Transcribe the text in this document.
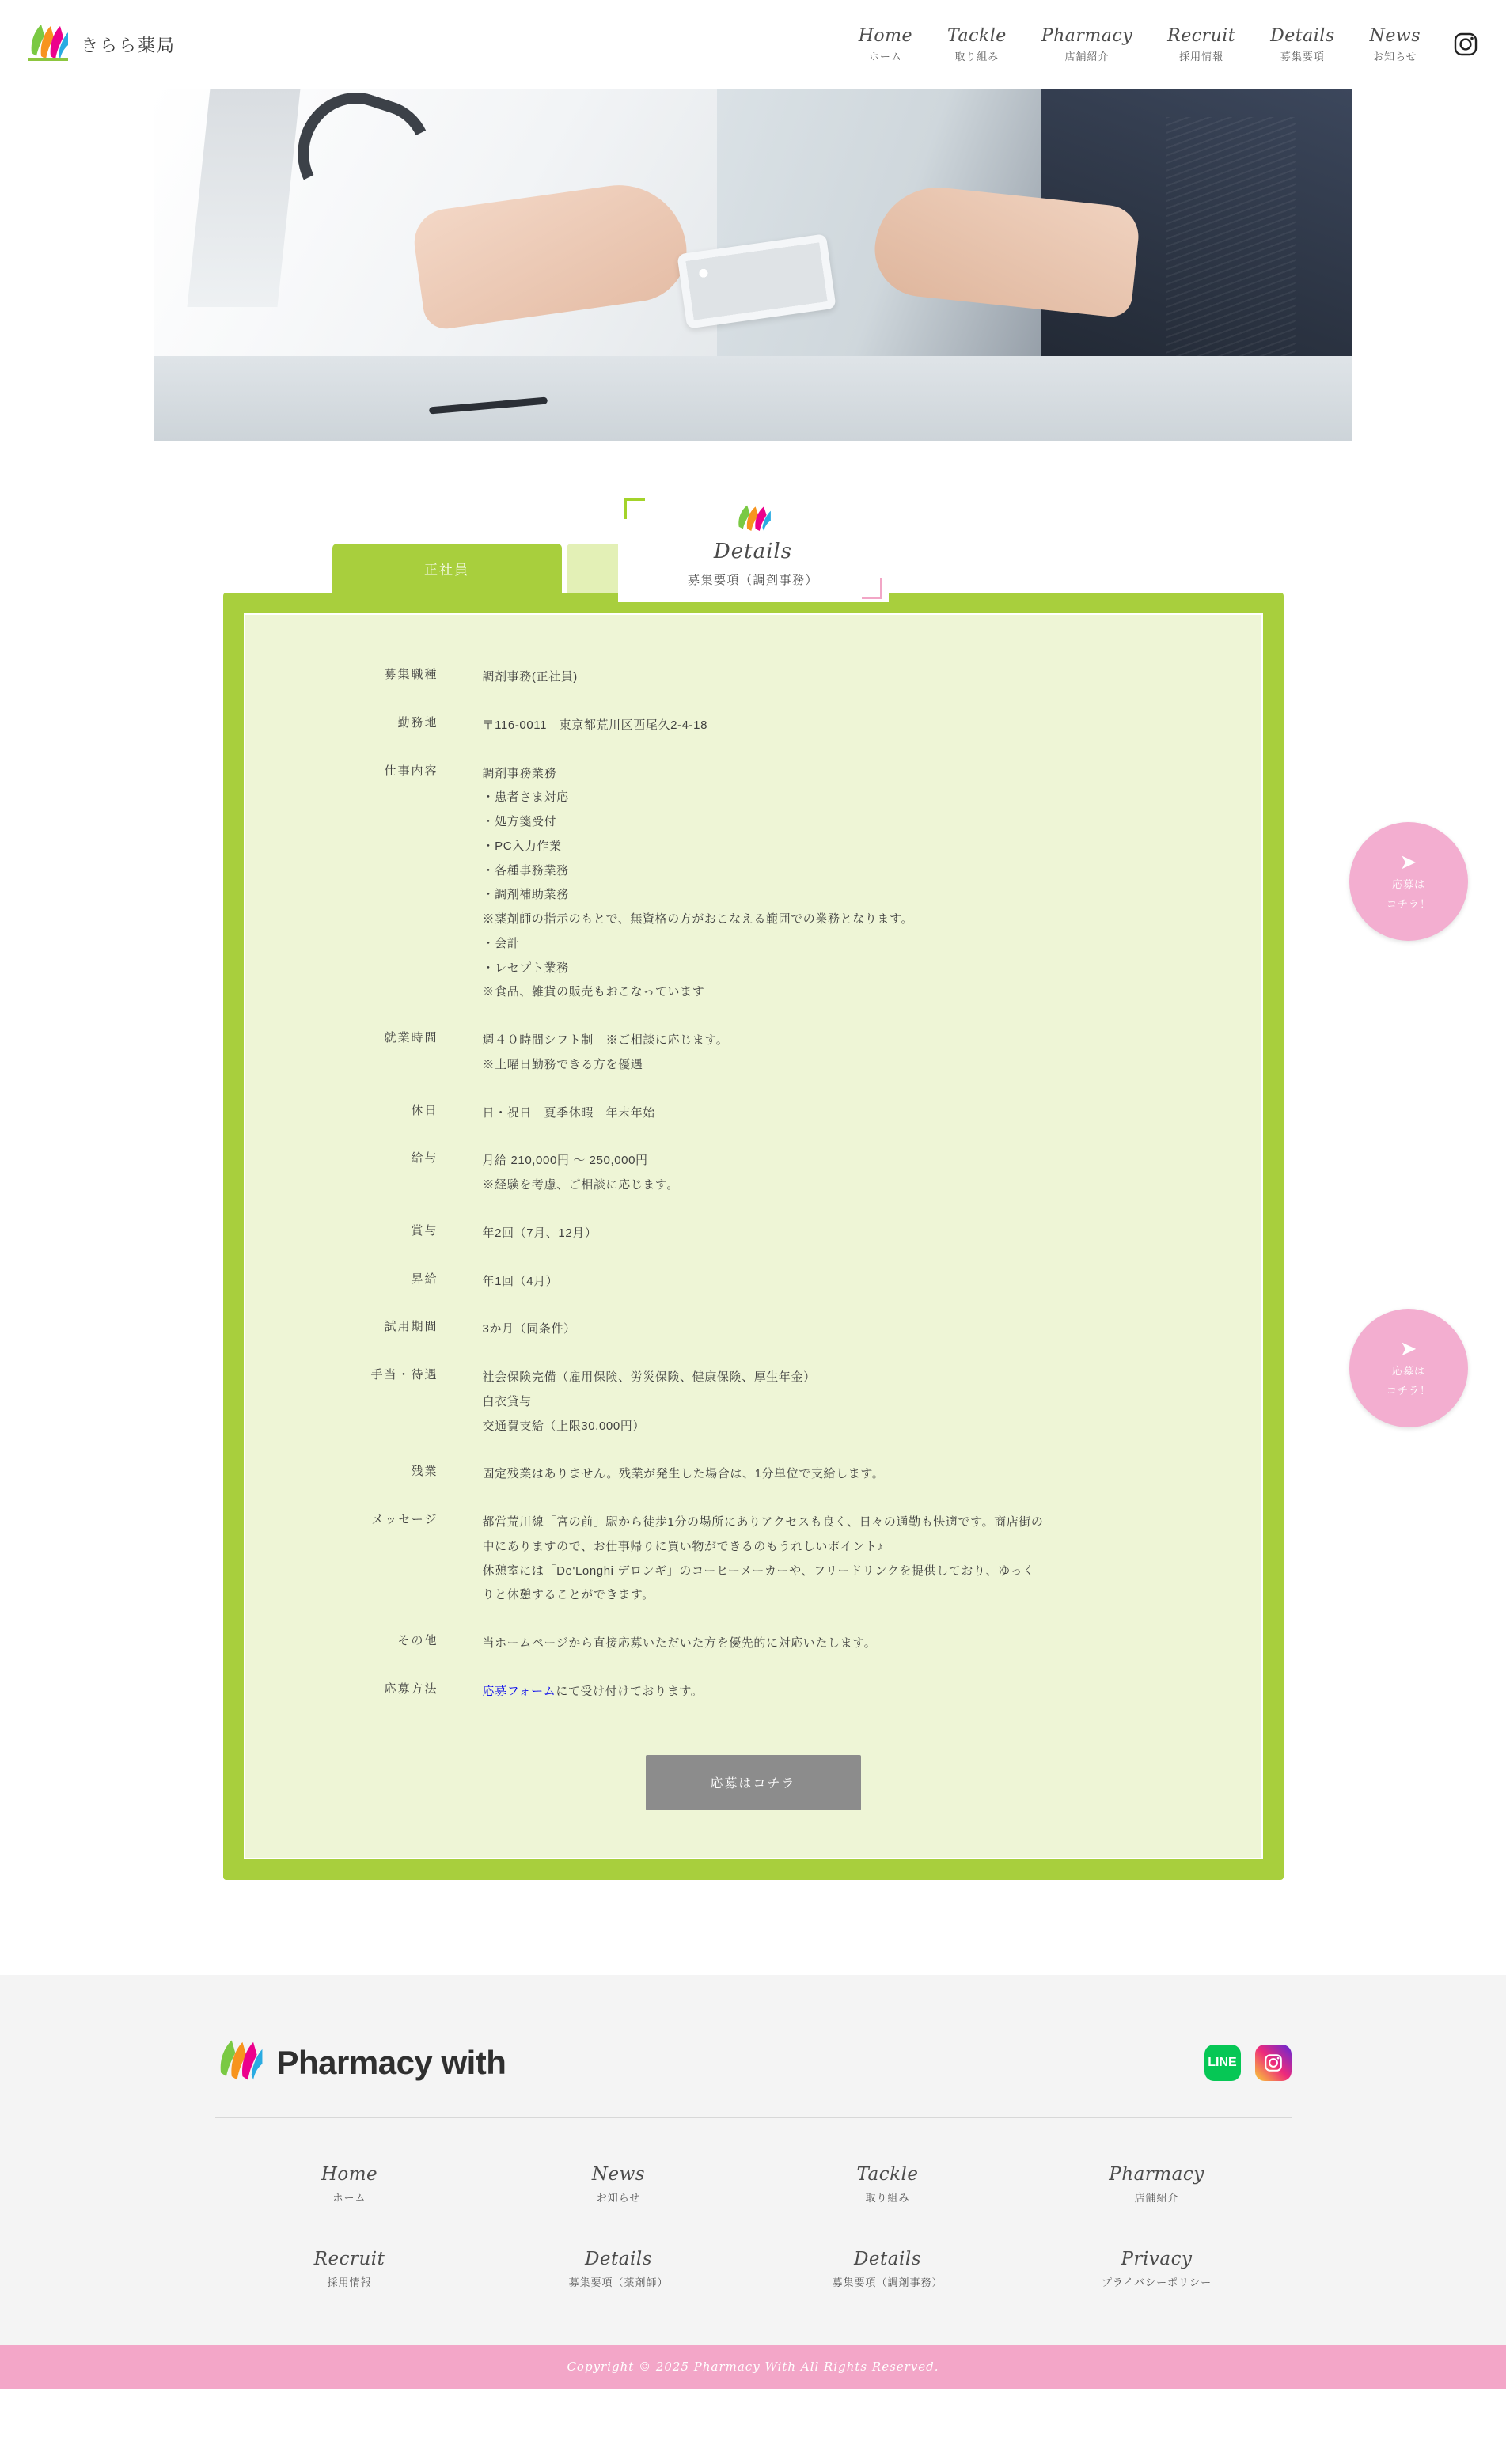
きらら薬局	Home
ホーム
Tackle
取り組み
Pharmacy
店舗紹介
Recruit
採用情報
Details
募集要項
News
お知らせ
Details
募集要項（調剤事務）
正社員
募集職種	調剤事務(正社員)

勤務地	〒116-0011　東京都荒川区西尾久2-4-18

仕事内容	調剤事務業務
・患者さま対応
・処方箋受付
・PC入力作業
・各種事務業務
・調剤補助業務
※薬剤師の指示のもとで、無資格の方がおこなえる範囲での業務となります。
・会計
・レセプト業務
※食品、雑貨の販売もおこなっています

就業時間	週４０時間シフト制　※ご相談に応じます。
※土曜日勤務できる方を優遇

休日	日・祝日　夏季休暇　年末年始

給与	月給 210,000円 〜 250,000円
※経験を考慮、ご相談に応じます。

賞与	年2回（7月、12月）

昇給	年1回（4月）

試用期間	3か月（同条件）

手当・待遇	社会保険完備（雇用保険、労災保険、健康保険、厚生年金）
白衣貸与
交通費支給（上限30,000円）

残業	固定残業はありません。残業が発生した場合は、1分単位で支給します。

メッセージ	都営荒川線「宮の前」駅から徒歩1分の場所にありアクセスも良く、日々の通勤も快適です。商店街の
中にありますので、お仕事帰りに買い物ができるのもうれしいポイント♪
休憩室には「De'Longhi デロンギ」のコーヒーメーカーや、フリードリンクを提供しており、ゆっく
りと休憩することができます。

その他	当ホームページから直接応募いただいた方を優先的に対応いたします。

応募方法	応募フォームにて受け付けております。
応募はコチラ
➤
応募は
コチラ！
➤
応募は
コチラ！
Pharmacy with	LINE
Home
ホーム
News
お知らせ
Tackle
取り組み
Pharmacy
店舗紹介
Recruit
採用情報
Details
募集要項（薬剤師）
Details
募集要項（調剤事務）
Privacy
プライバシーポリシー
Copyright © 2025 Pharmacy With All Rights Reserved.
